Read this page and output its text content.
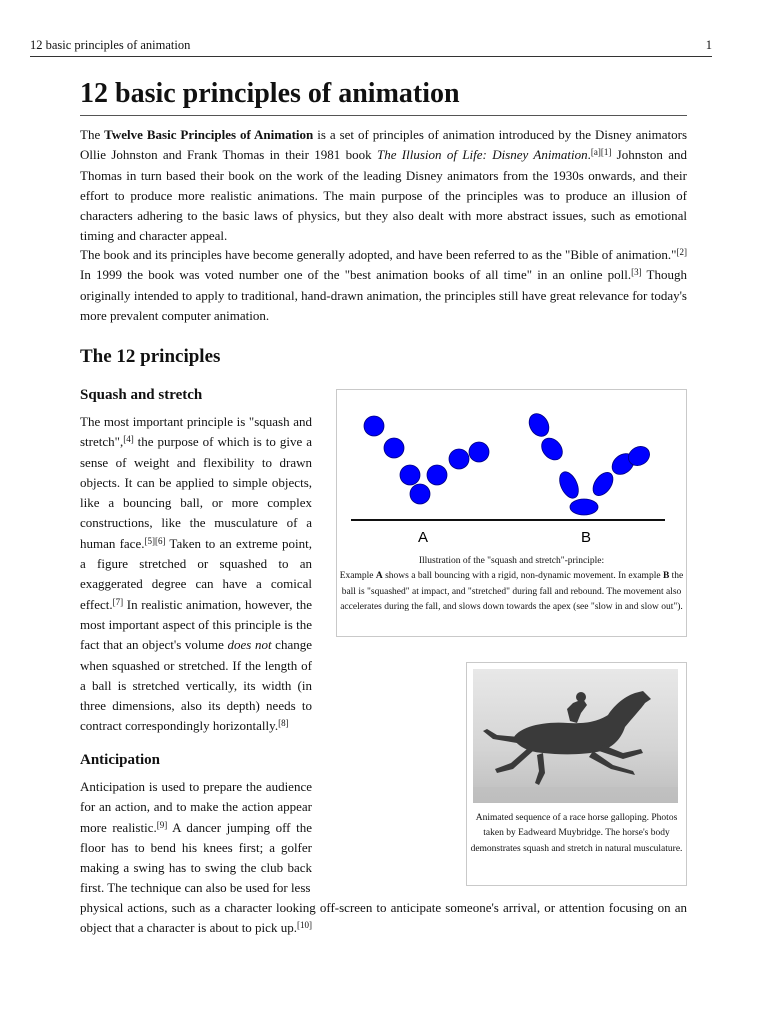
12 basic principles of animation	1
12 basic principles of animation

The Twelve Basic Principles of Animation is a set of principles of animation introduced by the Disney animators Ollie Johnston and Frank Thomas in their 1981 book The Illusion of Life: Disney Animation.[a][1] Johnston and Thomas in turn based their book on the work of the leading Disney animators from the 1930s onwards, and their effort to produce more realistic animations. The main purpose of the principles was to produce an illusion of characters adhering to the basic laws of physics, but they also dealt with more abstract issues, such as emotional timing and character appeal.

The book and its principles have become generally adopted, and have been referred to as the "Bible of animation."[2] In 1999 the book was voted number one of the "best animation books of all time" in an online poll.[3] Though originally intended to apply to traditional, hand-drawn animation, the principles still have great relevance for today's more prevalent computer animation.

The 12 principles
Squash and stretch

The most important principle is "squash and stretch",[4] the purpose of which is to give a sense of weight and flexibility to drawn objects. It can be applied to simple objects, like a bouncing ball, or more complex constructions, like the musculature of a human face.[5][6] Taken to an extreme point, a figure stretched or squashed to an exaggerated degree can have a comical effect.[7] In realistic animation, however, the most important aspect of this principle is the fact that an object's volume does not change when squashed or stretched. If the length of a ball is stretched vertically, its width (in three dimensions, also its depth) needs to contract correspondingly horizontally.[8]

Anticipation

Anticipation is used to prepare the audience for an action, and to make the action appear more realistic.[9] A dancer jumping off the floor has to bend his knees first; a golfer making a swing has to swing the club back first. The technique can also be used for less

physical actions, such as a character looking off-screen to anticipate someone's arrival, or attention focusing on an object that a character is about to pick up.[10]

A	B
Illustration of the "squash and stretch"-principle:
Example A shows a ball bouncing with a rigid, non-dynamic movement. In example B the ball is "squashed" at impact, and "stretched" during fall and rebound. The movement also accelerates during the fall, and slows down towards the apex (see "slow in and slow out").
Animated sequence of a race horse galloping. Photos taken by Eadweard Muybridge. The horse's body demonstrates squash and stretch in natural musculature.
